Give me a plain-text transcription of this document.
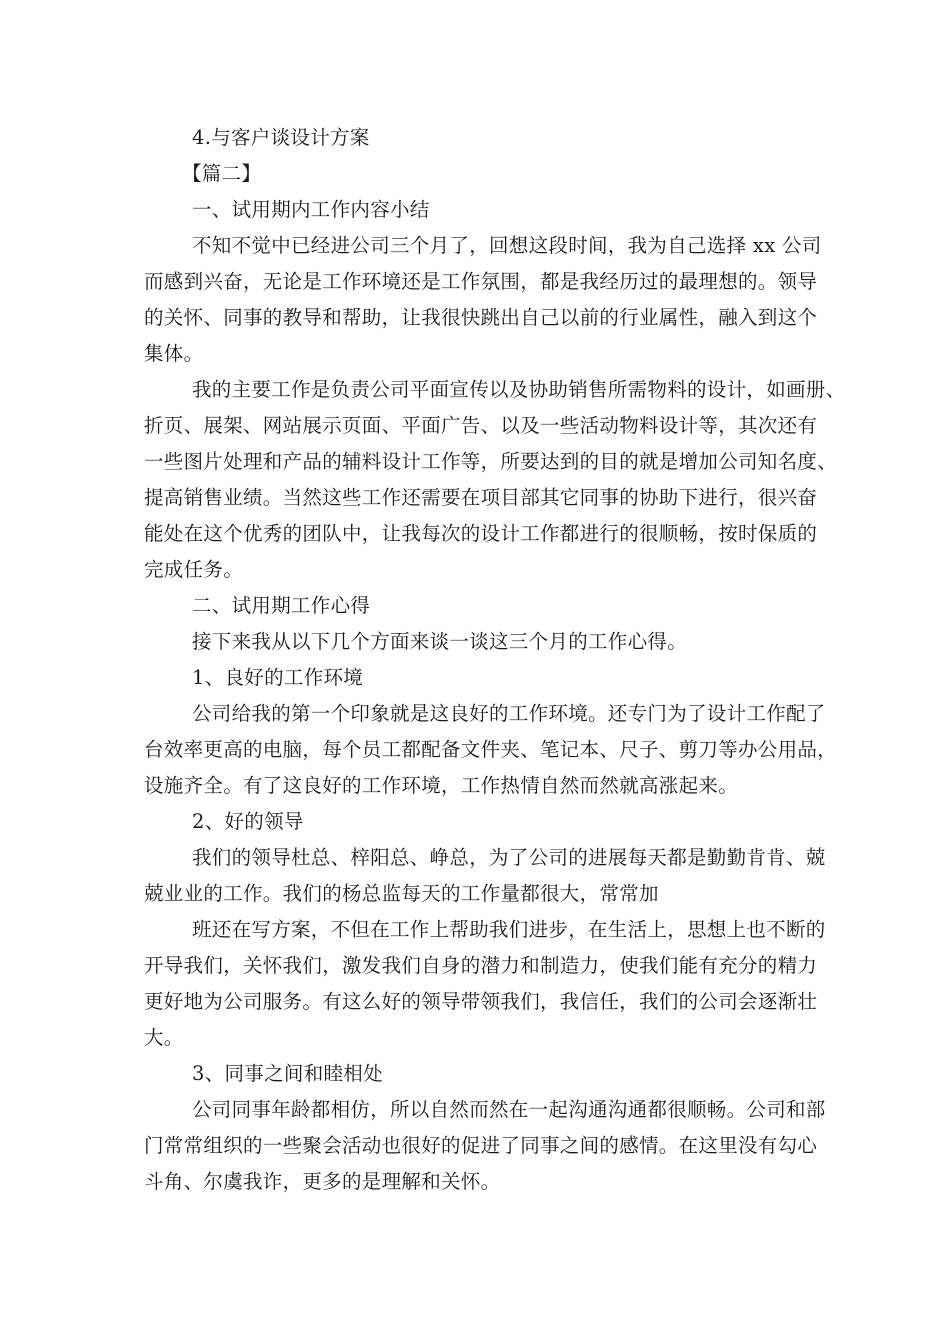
4.与客户谈设计方案
【篇二】
一、试用期内工作内容小结
不知不觉中已经进公司三个月了，回想这段时间，我为自己选择 xx 公司
而感到兴奋，无论是工作环境还是工作氛围，都是我经历过的最理想的。领导
的关怀、同事的教导和帮助，让我很快跳出自己以前的行业属性，融入到这个
集体。
我的主要工作是负责公司平面宣传以及协助销售所需物料的设计，如画册、
折页、展架、网站展示页面、平面广告、以及一些活动物料设计等，其次还有
一些图片处理和产品的辅料设计工作等，所要达到的目的就是增加公司知名度、
提高销售业绩。当然这些工作还需要在项目部其它同事的协助下进行，很兴奋
能处在这个优秀的团队中，让我每次的设计工作都进行的很顺畅，按时保质的
完成任务。
二、试用期工作心得
接下来我从以下几个方面来谈一谈这三个月的工作心得。
1、良好的工作环境
公司给我的第一个印象就是这良好的工作环境。还专门为了设计工作配了
台效率更高的电脑，每个员工都配备文件夹、笔记本、尺子、剪刀等办公用品，
设施齐全。有了这良好的工作环境，工作热情自然而然就高涨起来。
2、好的领导
我们的领导杜总、梓阳总、峥总，为了公司的进展每天都是勤勤肯肯、兢
兢业业的工作。我们的杨总监每天的工作量都很大，常常加
班还在写方案，不但在工作上帮助我们进步，在生活上，思想上也不断的
开导我们，关怀我们，激发我们自身的潜力和制造力，使我们能有充分的精力
更好地为公司服务。有这么好的领导带领我们，我信任，我们的公司会逐渐壮
大。
3、同事之间和睦相处
公司同事年龄都相仿，所以自然而然在一起沟通沟通都很顺畅。公司和部
门常常组织的一些聚会活动也很好的促进了同事之间的感情。在这里没有勾心
斗角、尔虞我诈，更多的是理解和关怀。
